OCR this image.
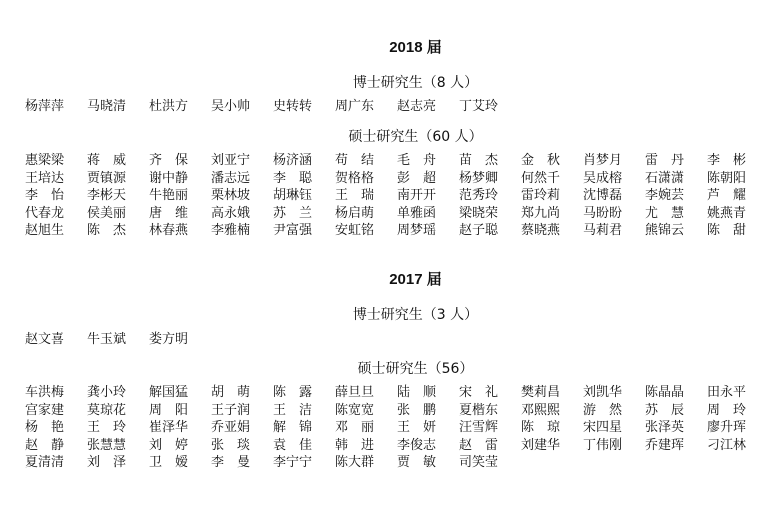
2018 届
博士研究生（8 人）
杨萍萍	马晓清	杜洪方	吴小帅	史转转	周广东	赵志亮	丁艾玲
硕士研究生（60 人）
惠梁梁	蒋　威	齐　保	刘亚宁	杨济涵	苟　结	毛　舟	苗　杰	金　秋	肖梦月	雷　丹	李　彬
王培达	贾镇源	谢中静	潘志远	李　聪	贺格格	彭　超	杨梦卿	何然千	吴成榕	石潇潇	陈朝阳
李　怡	李彬天	牛艳丽	栗林坡	胡琳钰	王　瑞	南开开	范秀玲	雷玲莉	沈博磊	李婉芸	芦　耀
代春龙	侯美丽	唐　维	高永娥	苏　兰	杨启萌	单雅函	梁晓荣	郑九尚	马盼盼	尤　慧	姚燕青
赵旭生	陈　杰	林春燕	李雅楠	尹富强	安虹铭	周梦瑶	赵子聪	蔡晓燕	马莉君	熊锦云	陈　甜
2017 届
博士研究生（3 人）
赵文喜	牛玉斌	娄方明
硕士研究生（56）
车洪梅	龚小玲	解国猛	胡　萌	陈　露	薛旦旦	陆　顺	宋　礼	樊莉昌	刘凯华	陈晶晶	田永平
宫家建	莫琼花	周　阳	王子润	王　洁	陈宽宽	张　鹏	夏楷东	邓熙熙	游　然	苏　辰	周　玲
杨　艳	王　玲	崔泽华	乔亚娟	解　锦	邓　丽	王　妍	汪雪辉	陈　琼	宋四星	张泽英	廖升珲
赵　静	张慧慧	刘　婷	张　琰	袁　佳	韩　进	李俊志	赵　雷	刘建华	丁伟刚	乔建珲	刁江林
夏清清	刘　泽	卫　嫒	李　曼	李宁宁	陈大群	贾　敏	司笑莹
